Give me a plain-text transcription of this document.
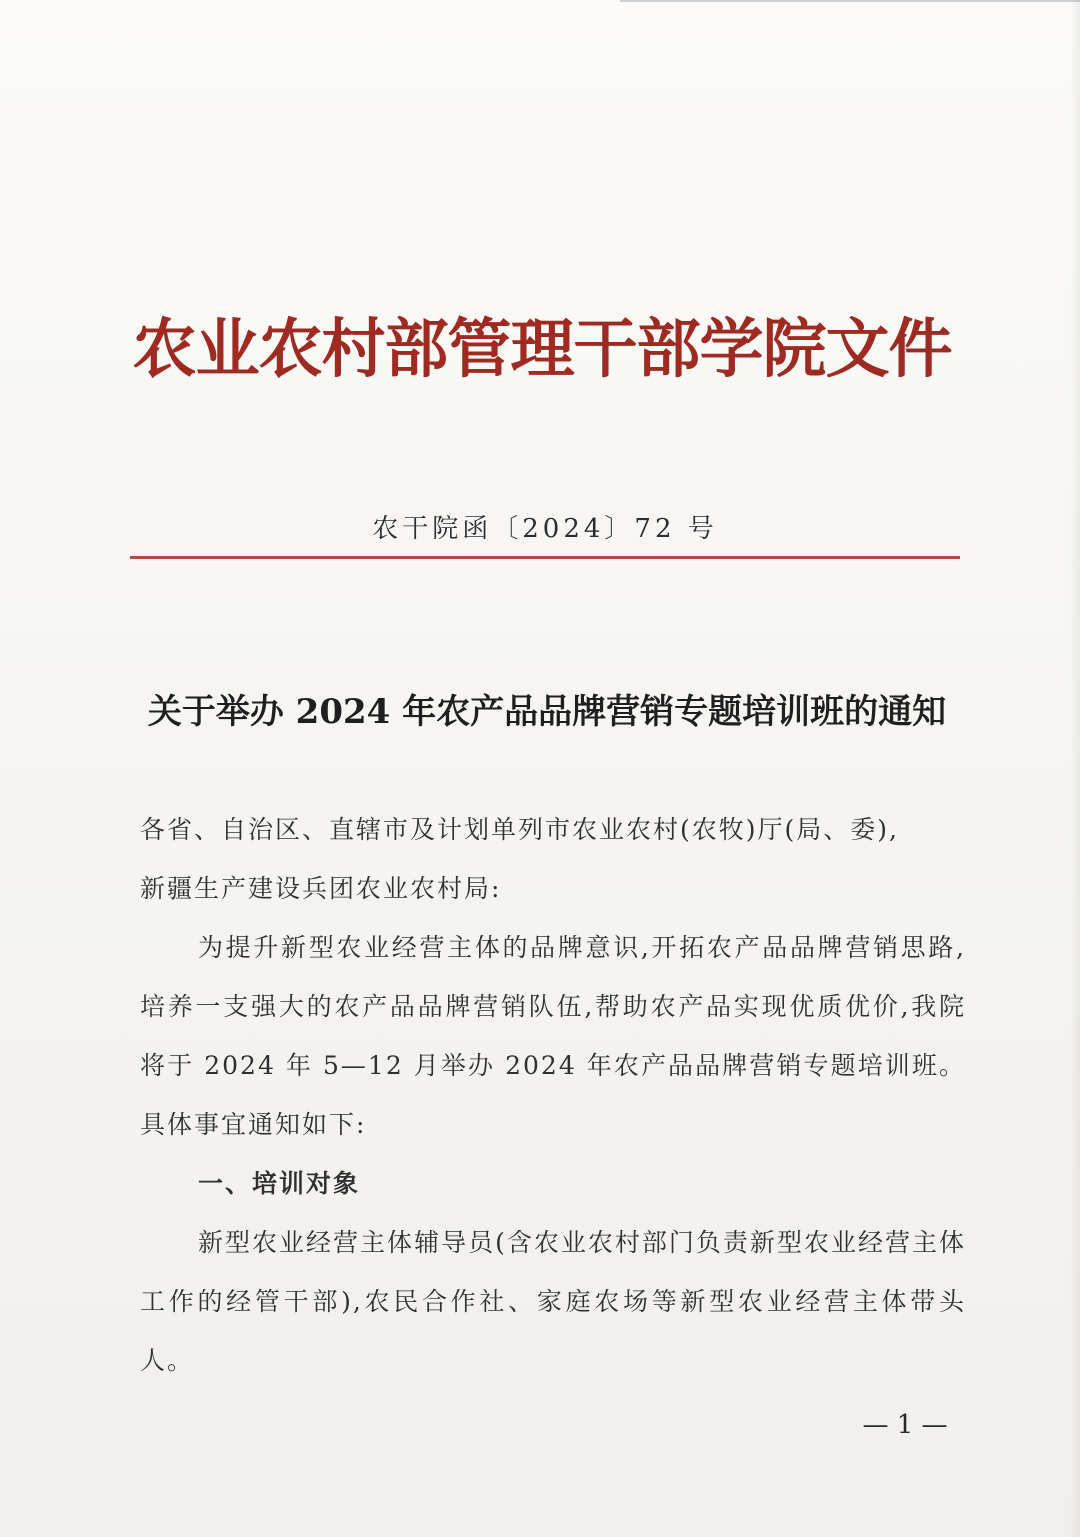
农业农村部管理干部学院文件
农干院函〔2024〕72 号
关于举办 2024 年农产品品牌营销专题培训班的通知

各省、自治区、直辖市及计划单列市农业农村(农牧)厅(局、委),

新疆生产建设兵团农业农村局:

为提升新型农业经营主体的品牌意识,开拓农产品品牌营销思路,培养一支强大的农产品品牌营销队伍,帮助农产品实现优质优价,我院将于 2024 年 5—12 月举办 2024 年农产品品牌营销专题培训班。具体事宜通知如下:

一、培训对象

新型农业经营主体辅导员(含农业农村部门负责新型农业经营主体工作的经管干部),农民合作社、家庭农场等新型农业经营主体带头人。

— 1 —
